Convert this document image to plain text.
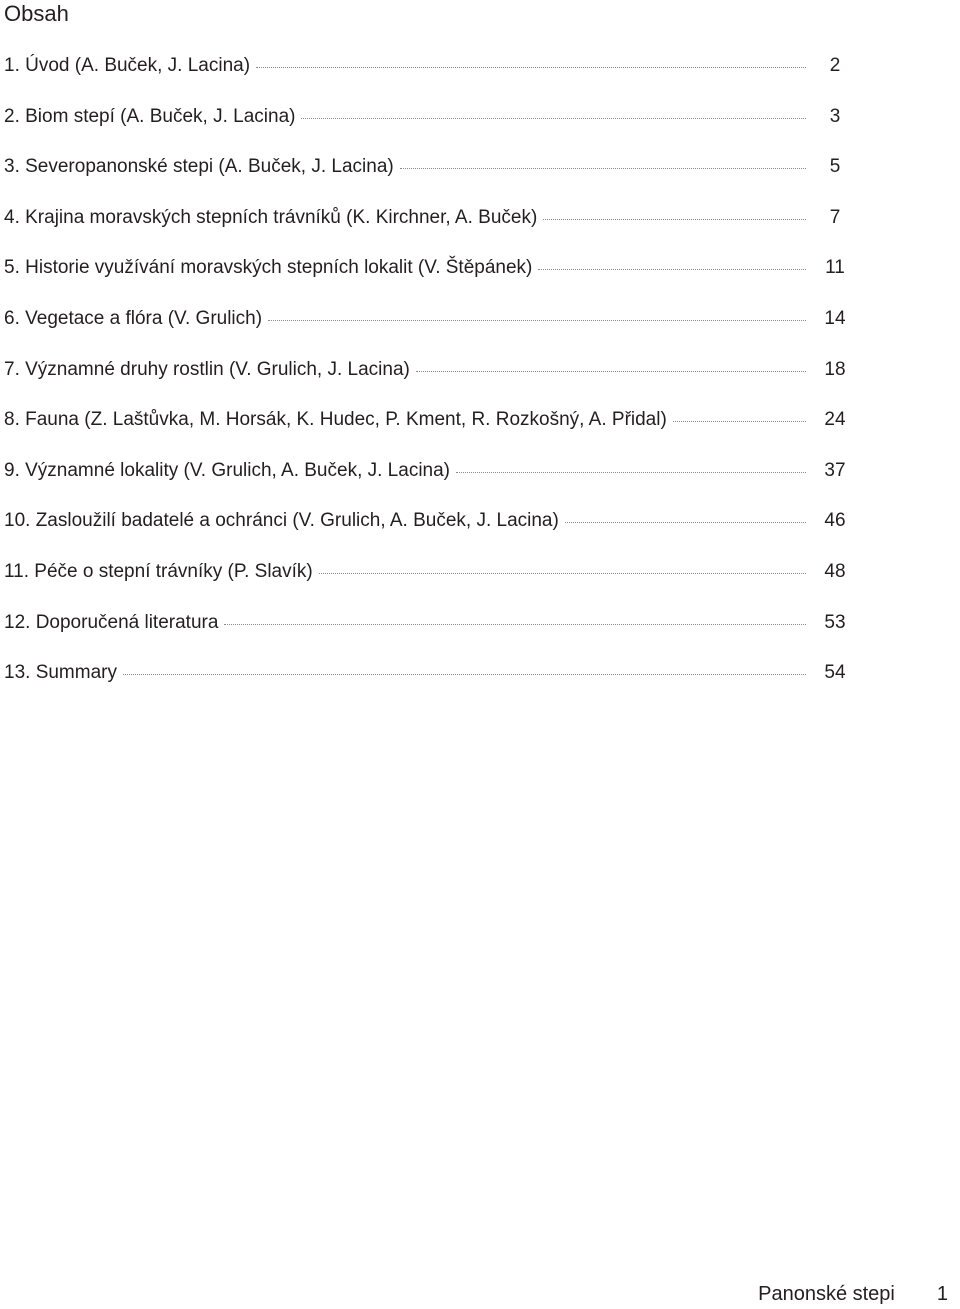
Obsah
1. Úvod (A. Buček, J. Lacina)	2
2. Biom stepí (A. Buček, J. Lacina)	3
3. Severopanonské stepi (A. Buček, J. Lacina)	5
4. Krajina moravských stepních trávníků (K. Kirchner, A. Buček)	7
5. Historie využívání moravských stepních lokalit (V. Štěpánek)	11
6. Vegetace a flóra (V. Grulich)	14
7. Významné druhy rostlin (V. Grulich, J. Lacina)	18
8. Fauna (Z. Laštůvka, M. Horsák, K. Hudec, P. Kment, R. Rozkošný, A. Přidal)	24
9. Významné lokality (V. Grulich, A. Buček, J. Lacina)	37
10. Zasloužilí badatelé a ochránci (V. Grulich, A. Buček, J. Lacina)	46
11. Péče o stepní trávníky (P. Slavík)	48
12. Doporučená literatura	53
13. Summary	54
Panonské stepi 1
